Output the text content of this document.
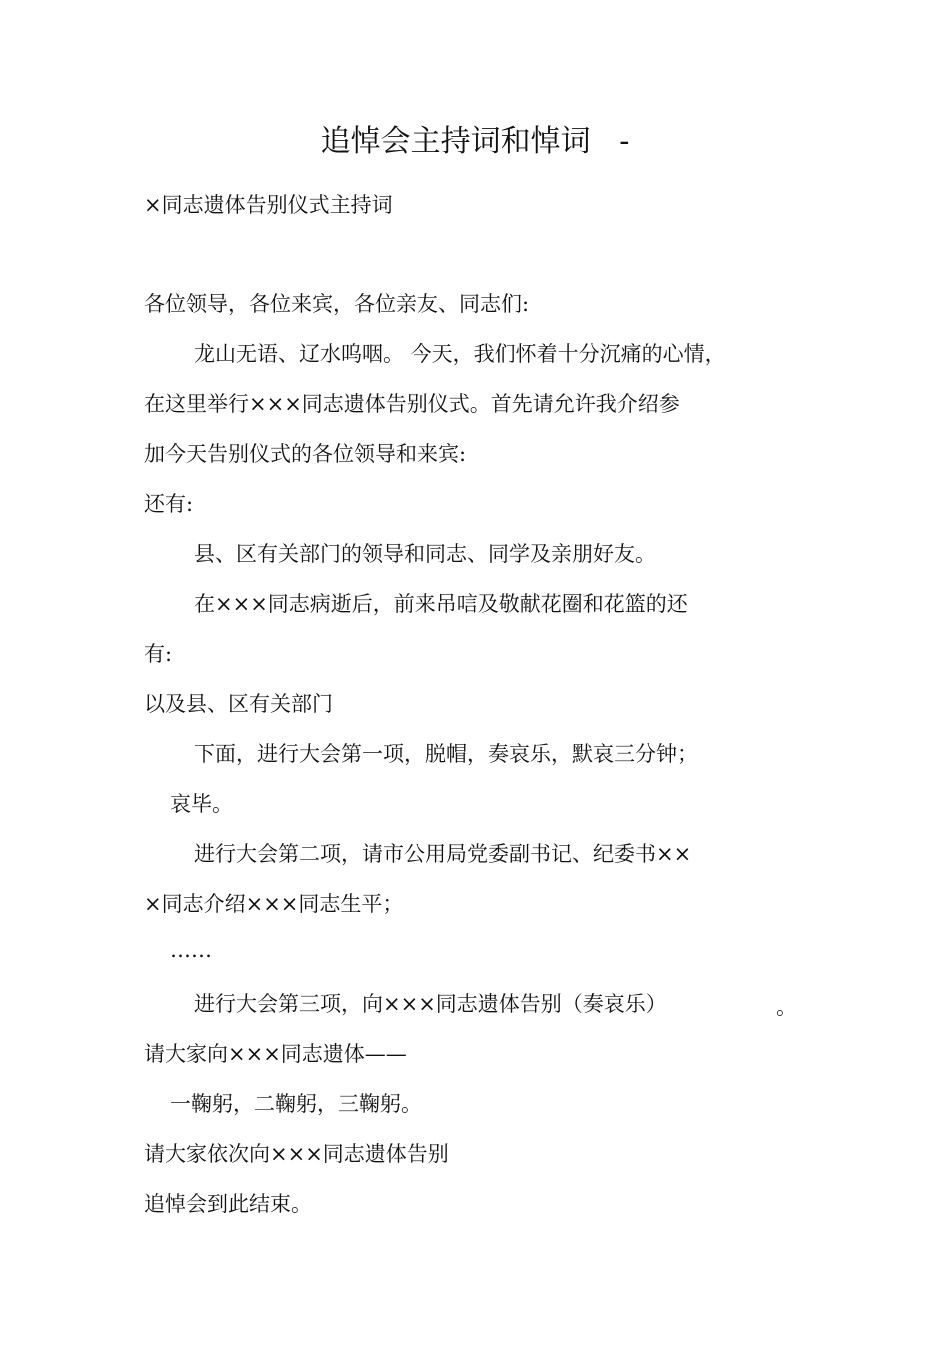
追悼会主持词和悼词   -
×同志遗体告别仪式主持词
各位领导，各位来宾，各位亲友、同志们:
龙山无语、辽水呜咽。 今天，我们怀着十分沉痛的心情，
在这里举行×××同志遗体告别仪式。首先请允许我介绍参
加今天告别仪式的各位领导和来宾:
还有:
县、区有关部门的领导和同志、同学及亲朋好友。
在×××同志病逝后，前来吊唁及敬献花圈和花篮的还
有:
以及县、区有关部门
下面，进行大会第一项，脱帽，奏哀乐，默哀三分钟；
哀毕。
进行大会第二项，请市公用局党委副书记、纪委书××
×同志介绍×××同志生平；
……
进行大会第三项，向×××同志遗体告别（奏哀乐）	。
请大家向×××同志遗体——
一鞠躬，二鞠躬，三鞠躬。
请大家依次向×××同志遗体告别
追悼会到此结束。
